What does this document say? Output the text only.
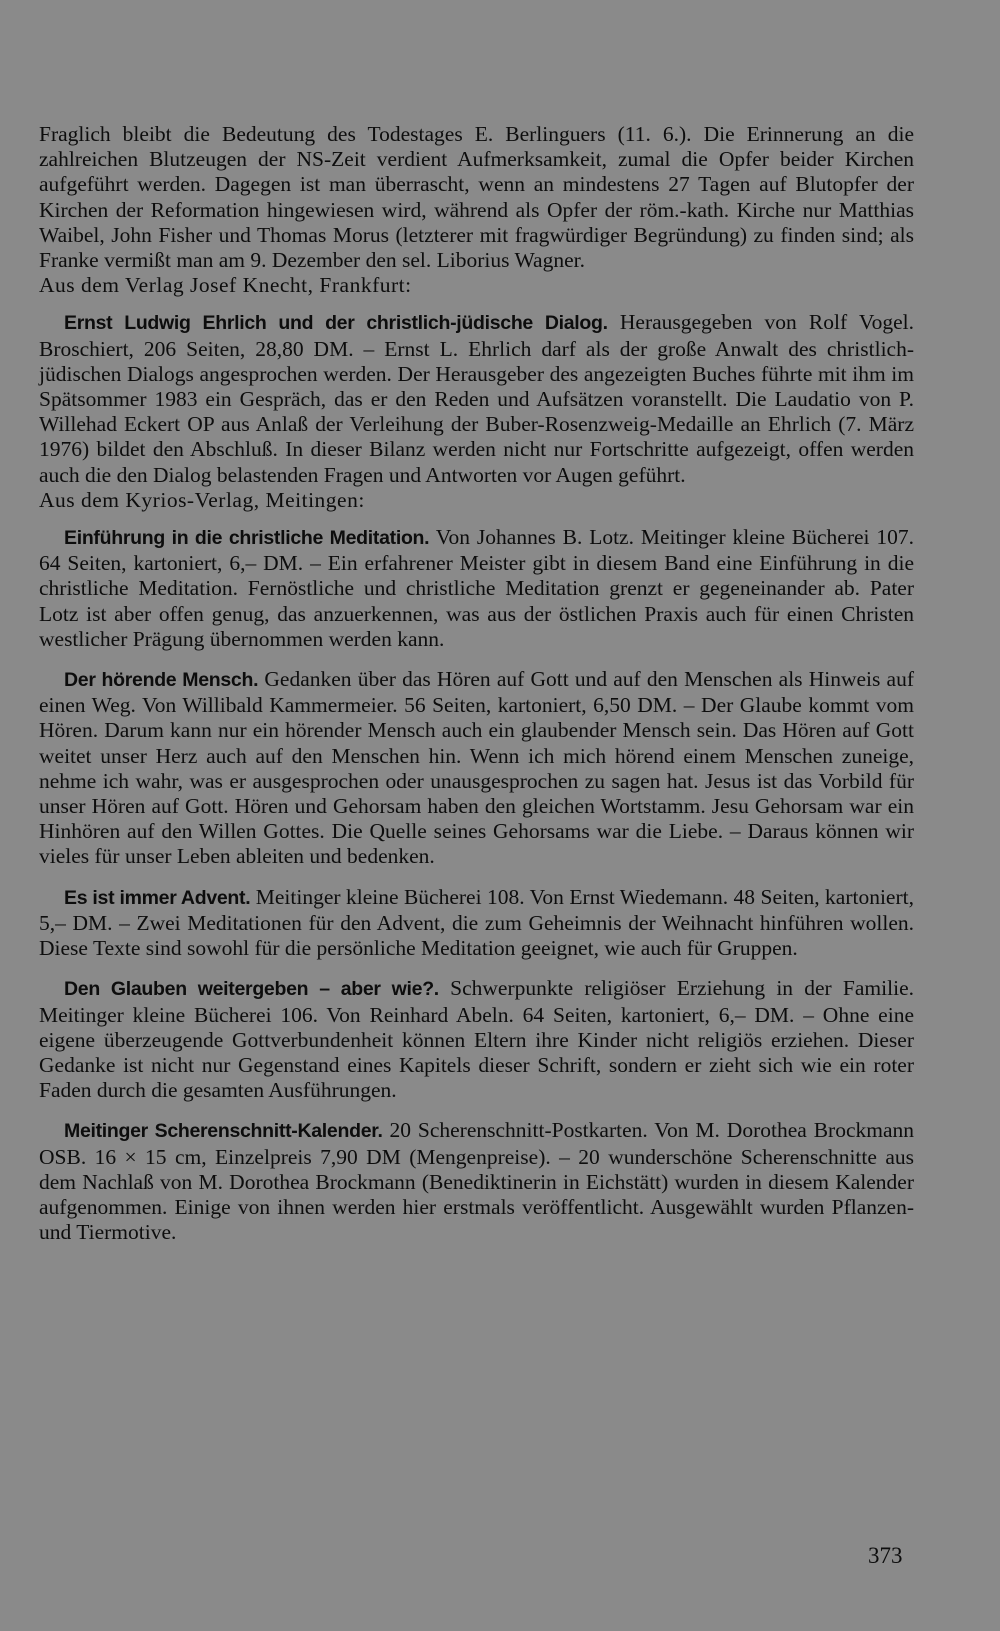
Fraglich bleibt die Bedeutung des Todestages E. Berlinguers (11. 6.). Die Erinnerung an die zahlreichen Blutzeugen der NS-Zeit verdient Aufmerksamkeit, zumal die Opfer beider Kirchen aufgeführt werden. Dagegen ist man überrascht, wenn an mindestens 27 Tagen auf Blutopfer der Kirchen der Reformation hingewiesen wird, während als Opfer der röm.-kath. Kirche nur Matthias Waibel, John Fisher und Thomas Morus (letzterer mit fragwürdiger Begründung) zu finden sind; als Franke vermißt man am 9. Dezember den sel. Liborius Wagner.

Aus dem Verlag Josef Knecht, Frankfurt:

Ernst Ludwig Ehrlich und der christlich-jüdische Dialog. Herausgegeben von Rolf Vogel. Broschiert, 206 Seiten, 28,80 DM. – Ernst L. Ehrlich darf als der große Anwalt des christlich-jüdischen Dialogs angesprochen werden. Der Herausgeber des angezeigten Buches führte mit ihm im Spätsommer 1983 ein Gespräch, das er den Reden und Aufsätzen voranstellt. Die Laudatio von P. Willehad Eckert OP aus Anlaß der Verleihung der Buber-Rosenzweig-Medaille an Ehrlich (7. März 1976) bildet den Abschluß. In dieser Bilanz werden nicht nur Fortschritte aufgezeigt, offen werden auch die den Dialog belastenden Fragen und Antworten vor Augen geführt.

Aus dem Kyrios-Verlag, Meitingen:

Einführung in die christliche Meditation. Von Johannes B. Lotz. Meitinger kleine Bücherei 107. 64 Seiten, kartoniert, 6,– DM. – Ein erfahrener Meister gibt in diesem Band eine Einführung in die christliche Meditation. Fernöstliche und christliche Meditation grenzt er gegeneinander ab. Pater Lotz ist aber offen genug, das anzuerkennen, was aus der östlichen Praxis auch für einen Christen westlicher Prägung übernommen werden kann.

Der hörende Mensch. Gedanken über das Hören auf Gott und auf den Menschen als Hinweis auf einen Weg. Von Willibald Kammermeier. 56 Seiten, kartoniert, 6,50 DM. – Der Glaube kommt vom Hören. Darum kann nur ein hörender Mensch auch ein glaubender Mensch sein. Das Hören auf Gott weitet unser Herz auch auf den Menschen hin. Wenn ich mich hörend einem Menschen zuneige, nehme ich wahr, was er ausgesprochen oder unausgesprochen zu sagen hat. Jesus ist das Vorbild für unser Hören auf Gott. Hören und Gehorsam haben den gleichen Wortstamm. Jesu Gehorsam war ein Hinhören auf den Willen Gottes. Die Quelle seines Gehorsams war die Liebe. – Daraus können wir vieles für unser Leben ableiten und bedenken.

Es ist immer Advent. Meitinger kleine Bücherei 108. Von Ernst Wiedemann. 48 Seiten, kartoniert, 5,– DM. – Zwei Meditationen für den Advent, die zum Geheimnis der Weihnacht hinführen wollen. Diese Texte sind sowohl für die persönliche Meditation geeignet, wie auch für Gruppen.

Den Glauben weitergeben – aber wie?. Schwerpunkte religiöser Erziehung in der Familie. Meitinger kleine Bücherei 106. Von Reinhard Abeln. 64 Seiten, kartoniert, 6,– DM. – Ohne eine eigene überzeugende Gottverbundenheit können Eltern ihre Kinder nicht religiös erziehen. Dieser Gedanke ist nicht nur Gegenstand eines Kapitels dieser Schrift, sondern er zieht sich wie ein roter Faden durch die gesamten Ausführungen.

Meitinger Scherenschnitt-Kalender. 20 Scherenschnitt-Postkarten. Von M. Dorothea Brockmann OSB. 16 × 15 cm, Einzelpreis 7,90 DM (Mengenpreise). – 20 wunderschöne Scherenschnitte aus dem Nachlaß von M. Dorothea Brockmann (Benediktinerin in Eichstätt) wurden in diesem Kalender aufgenommen. Einige von ihnen werden hier erstmals veröffentlicht. Ausgewählt wurden Pflanzen- und Tiermotive.

373
